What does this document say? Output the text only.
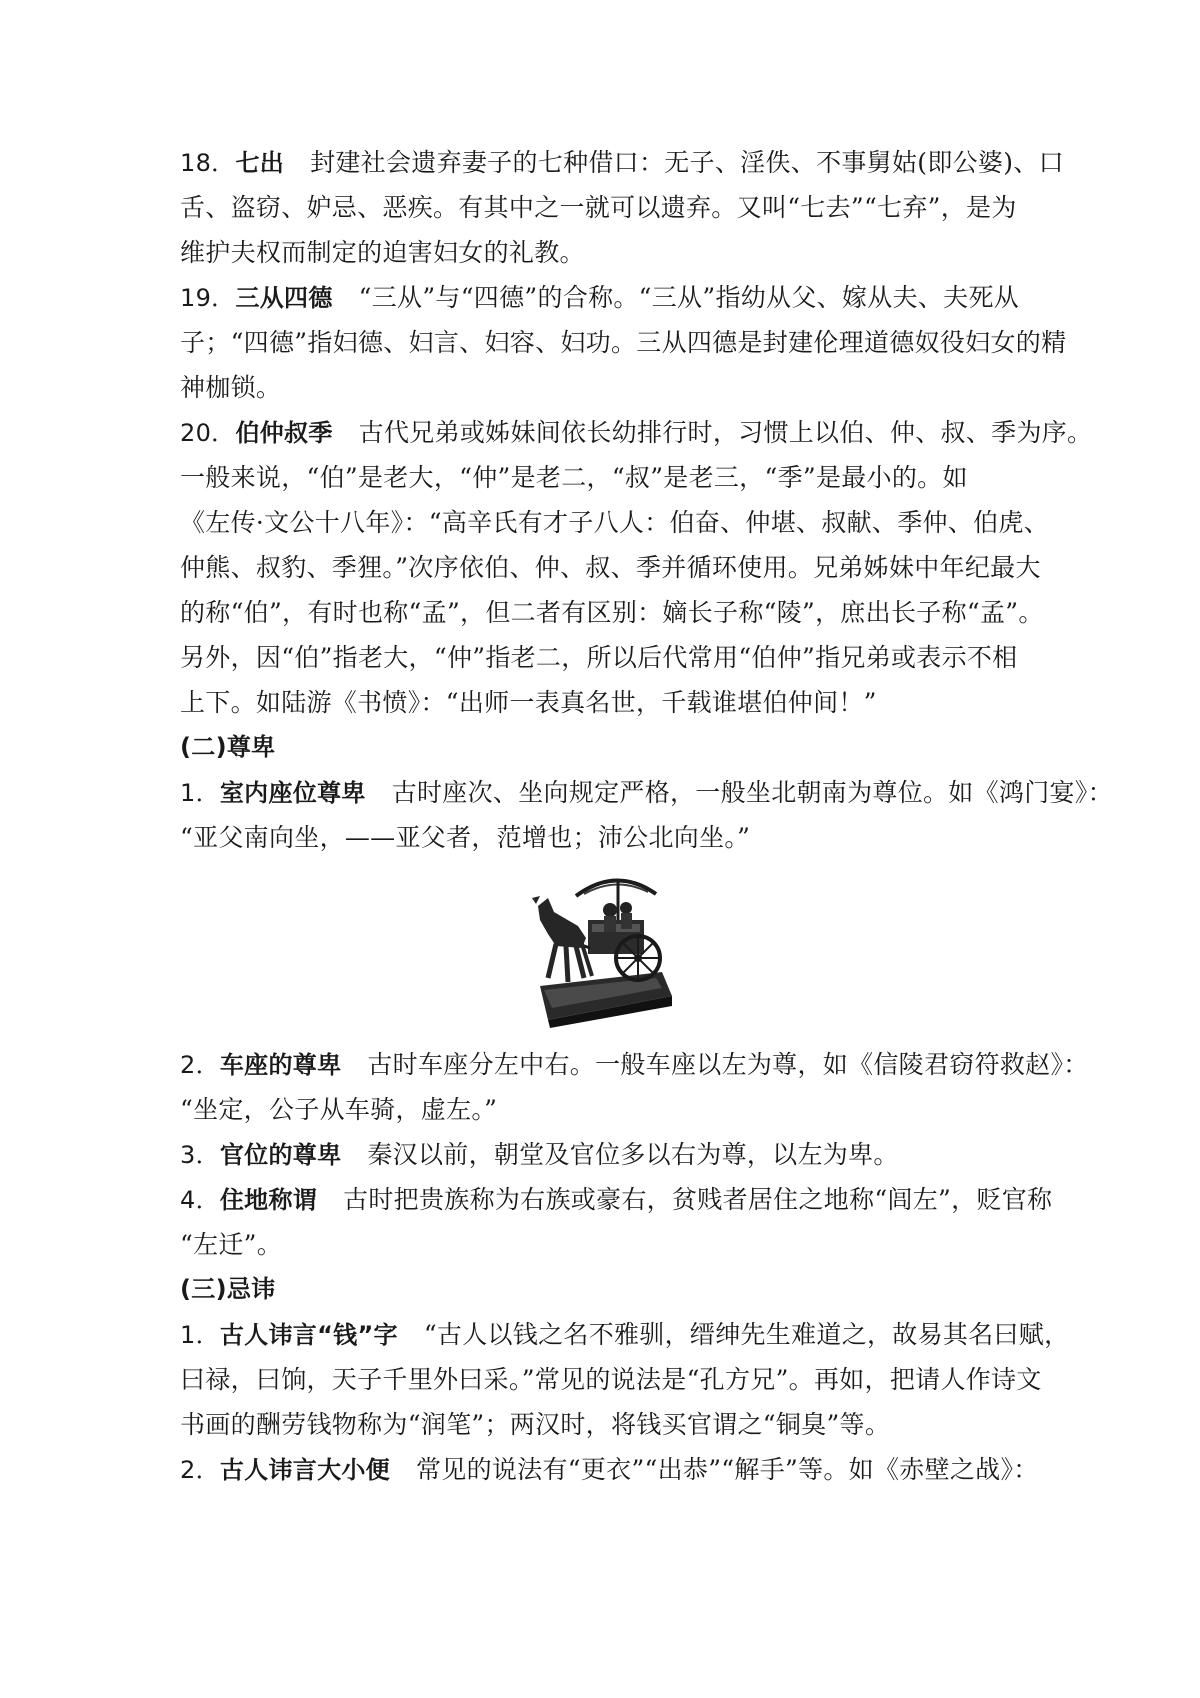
18．七出 封建社会遗弃妻子的七种借口：无子、淫佚、不事舅姑(即公婆)、口

舌、盗窃、妒忌、恶疾。有其中之一就可以遗弃。又叫“七去”“七弃”，是为

维护夫权而制定的迫害妇女的礼教。

19．三从四德 “三从”与“四德”的合称。“三从”指幼从父、嫁从夫、夫死从

子；“四德”指妇德、妇言、妇容、妇功。三从四德是封建伦理道德奴役妇女的精

神枷锁。

20．伯仲叔季 古代兄弟或姊妹间依长幼排行时，习惯上以伯、仲、叔、季为序。

一般来说，“伯”是老大，“仲”是老二，“叔”是老三，“季”是最小的。如

《左传·文公十八年》：“高辛氏有才子八人：伯奋、仲堪、叔献、季仲、伯虎、

仲熊、叔豹、季狸。”次序依伯、仲、叔、季并循环使用。兄弟姊妹中年纪最大

的称“伯”，有时也称“孟”，但二者有区别：嫡长子称“陵”，庶出长子称“孟”。

另外，因“伯”指老大，“仲”指老二，所以后代常用“伯仲”指兄弟或表示不相

上下。如陆游《书愤》：“出师一表真名世，千载谁堪伯仲间！”

(二)尊卑

1．室内座位尊卑 古时座次、坐向规定严格，一般坐北朝南为尊位。如《鸿门宴》：

“亚父南向坐，——亚父者，范增也；沛公北向坐。”

2．车座的尊卑 古时车座分左中右。一般车座以左为尊，如《信陵君窃符救赵》：

“坐定，公子从车骑，虚左。”

3．官位的尊卑 秦汉以前，朝堂及官位多以右为尊，以左为卑。

4．住地称谓 古时把贵族称为右族或豪右，贫贱者居住之地称“闾左”，贬官称

“左迁”。

(三)忌讳

1．古人讳言“钱”字 “古人以钱之名不雅驯，缙绅先生难道之，故易其名曰赋，

曰禄，曰饷，天子千里外曰采。”常见的说法是“孔方兄”。再如，把请人作诗文

书画的酬劳钱物称为“润笔”；两汉时，将钱买官谓之“铜臭”等。

2．古人讳言大小便 常见的说法有“更衣”“出恭”“解手”等。如《赤壁之战》：
